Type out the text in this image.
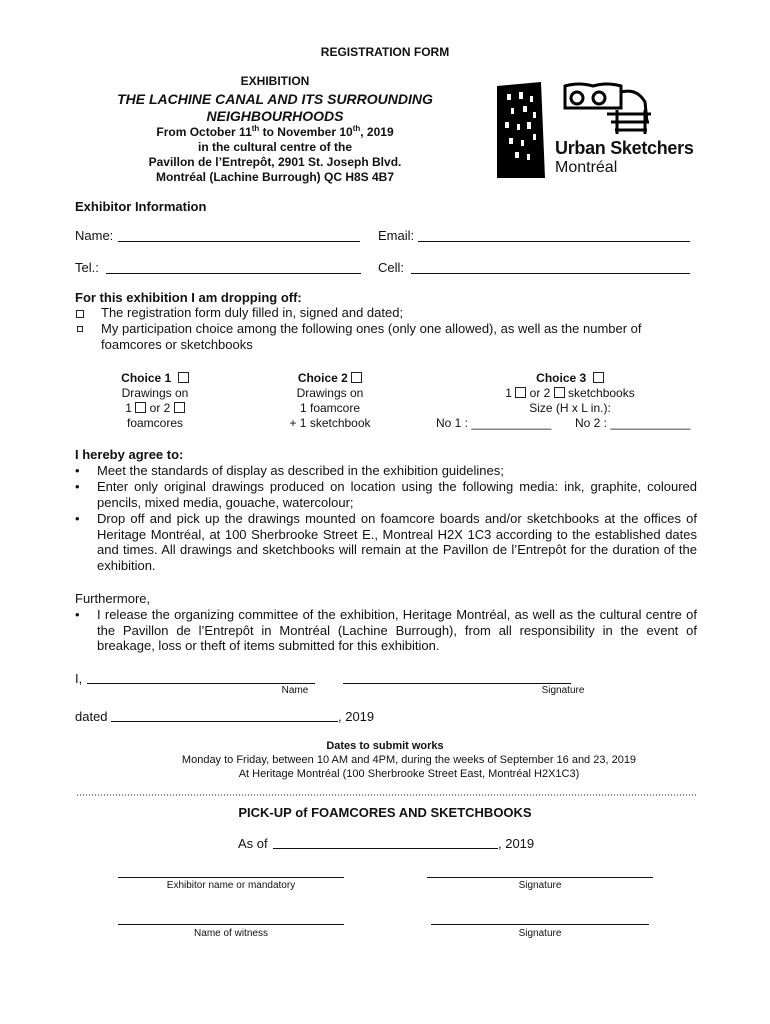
REGISTRATION FORM
EXHIBITION
THE LACHINE CANAL AND ITS SURROUNDING
NEIGHBOURHOODS
From October 11th to November 10th, 2019
in the cultural centre of the
Pavillon de l’Entrepôt, 2901 St. Joseph Blvd.
Montréal (Lachine Burrough) QC H8S 4B7
Urban Sketchers
Montréal
Exhibitor Information
Name:	Email:
Tel.:	Cell:
For this exhibition I am dropping off:
The registration form duly filled in, signed and dated;
My participation choice among the following ones (only one allowed), as well as the number of
foamcores or sketchbooks
Choice 1
Drawings on
1 or 2
foamcores
Choice 2
Drawings on
1 foamcore
+ 1 sketchbook
Choice 3
1 or 2 sketchbooks
Size (H x L in.):
No 1 : ____________ No 2 : ____________
I hereby agree to:
• Meet the standards of display as described in the exhibition guidelines;
• Enter only original drawings produced on location using the following media: ink, graphite, coloured pencils, mixed media, gouache, watercolour;
• Drop off and pick up the drawings mounted on foamcore boards and/or sketchbooks at the offices of Heritage Montréal, at 100 Sherbrooke Street E., Montreal H2X 1C3 according to the established dates and times. All drawings and sketchbooks will remain at the Pavillon de l’Entrepôt for the duration of the exhibition.
Furthermore,
• I release the organizing committee of the exhibition, Heritage Montréal, as well as the cultural centre of the Pavillon de l’Entrepôt in Montréal (Lachine Burrough), from all responsibility in the event of breakage, loss or theft of items submitted for this exhibition.
I,
Name	Signature
dated	, 2019
Dates to submit works
Monday to Friday, between 10 AM and 4PM, during the weeks of September 16 and 23, 2019
At Heritage Montréal (100 Sherbrooke Street East, Montréal H2X1C3)
PICK-UP of FOAMCORES AND SKETCHBOOKS
As of	, 2019
Exhibitor name or mandatory	Signature
Name of witness	Signature
